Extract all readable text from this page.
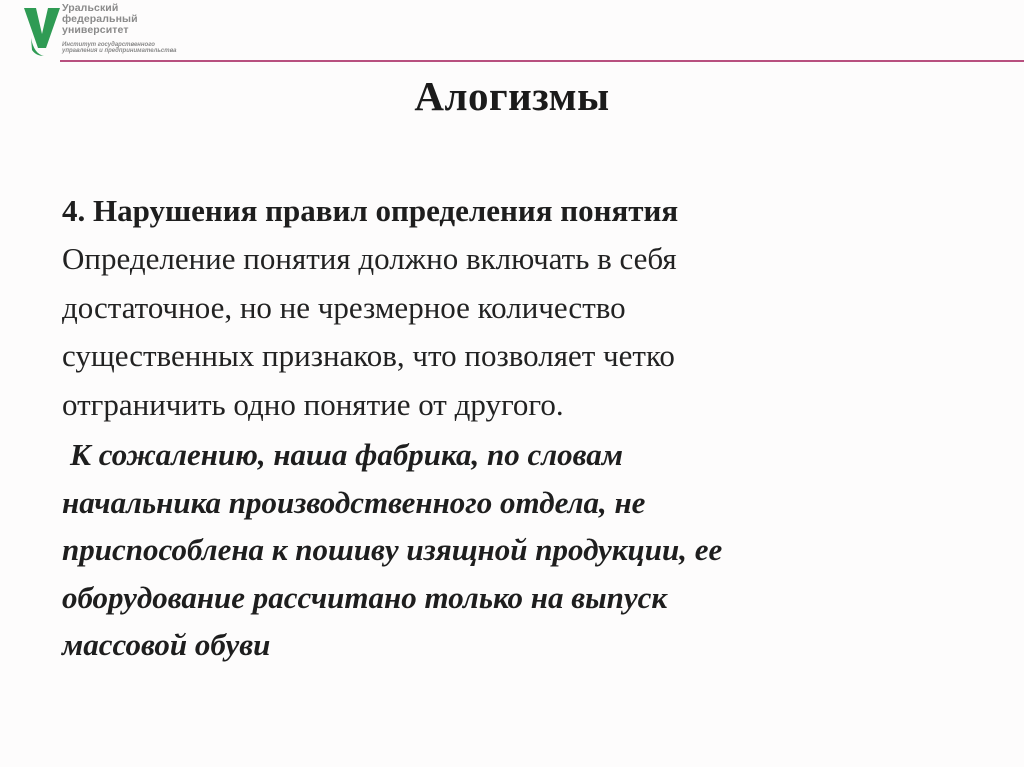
Уральский
федеральный
университет
Институт государственного
управления и предпринимательства
Алогизмы

4. Нарушения правил определения понятия

Определение понятия должно включать в себя
достаточное, но не чрезмерное количество
существенных признаков, что позволяет четко
отграничить одно понятие от другого.

К сожалению, наша фабрика, по словам
начальника производственного отдела, не
приспособлена к пошиву изящной продукции, ее
оборудование рассчитано только на выпуск
массовой обуви
